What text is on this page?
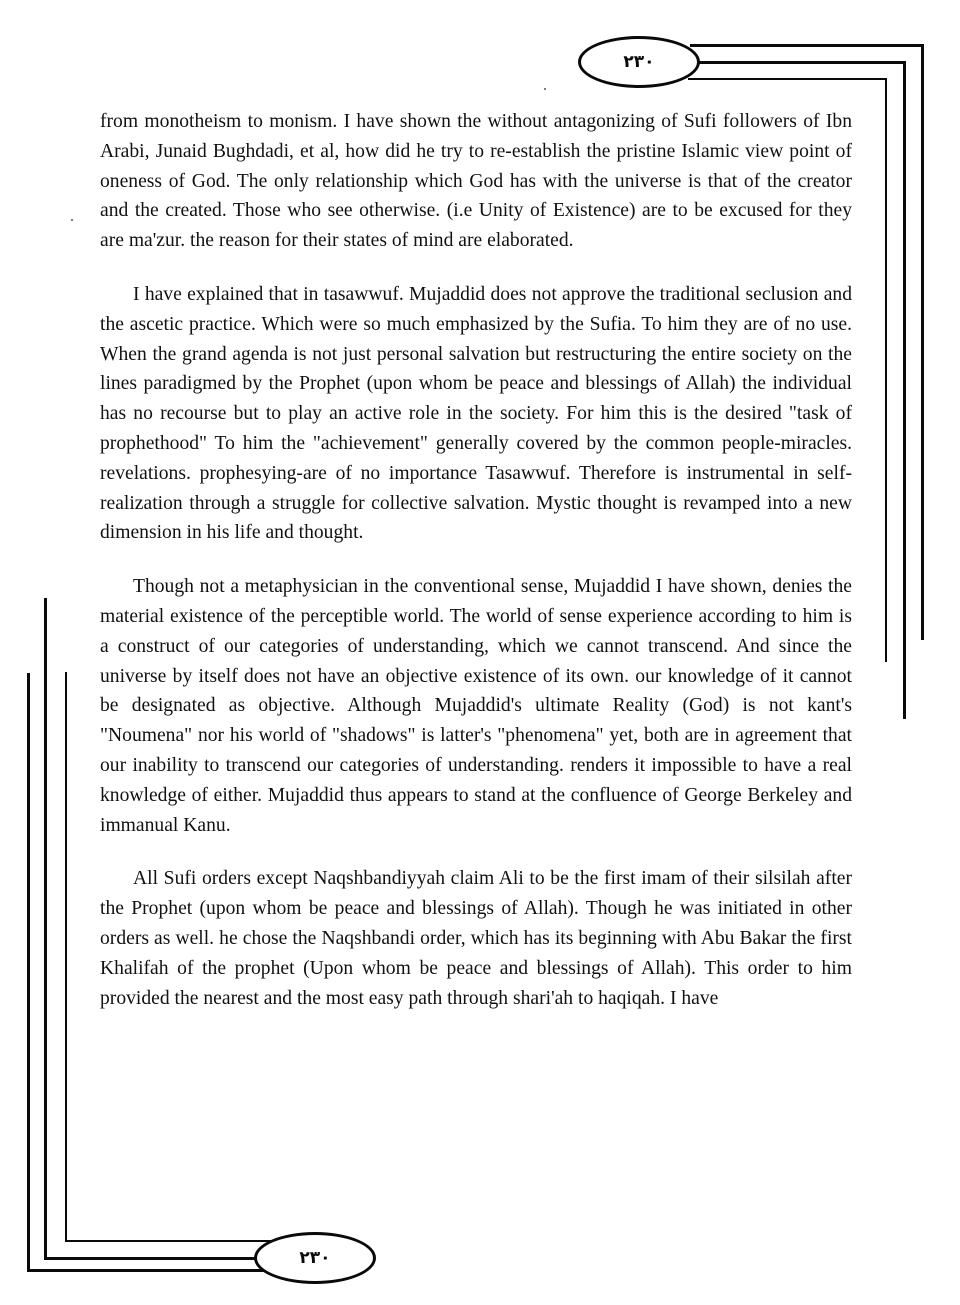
۲۳۰
۲۳۰

from monotheism to monism. I have shown the without antagonizing of Sufi followers of Ibn Arabi, Junaid Bughdadi, et al, how did he try to re-establish the pristine Islamic view point of oneness of God. The only relationship which God has with the universe is that of the creator and the created. Those who see otherwise. (i.e Unity of Existence) are to be excused for they are ma'zur. the reason for their states of mind are elaborated.

I have explained that in tasawwuf. Mujaddid does not approve the traditional seclusion and the ascetic practice. Which were so much emphasized by the Sufia. To him they are of no use. When the grand agenda is not just personal salvation but restructuring the entire society on the lines paradigmed by the Prophet (upon whom be peace and blessings of Allah) the individual has no recourse but to play an active role in the society. For him this is the desired "task of prophethood" To him the "achievement" generally covered by the common people-miracles. revelations. prophesying-are of no importance Tasawwuf. Therefore is instrumental in self-realization through a struggle for collective salvation. Mystic thought is revamped into a new dimension in his life and thought.

Though not a metaphysician in the conventional sense, Mujaddid I have shown, denies the material existence of the perceptible world. The world of sense experience according to him is a construct of our categories of understanding, which we cannot transcend. And since the universe by itself does not have an objective existence of its own. our knowledge of it cannot be designated as objective. Although Mujaddid's ultimate Reality (God) is not kant's "Noumena" nor his world of "shadows" is latter's "phenomena" yet, both are in agreement that our inability to transcend our categories of understanding. renders it impossible to have a real knowledge of either. Mujaddid thus appears to stand at the confluence of George Berkeley and immanual Kanu.

All Sufi orders except Naqshbandiyyah claim Ali to be the first imam of their silsilah after the Prophet (upon whom be peace and blessings of Allah). Though he was initiated in other orders as well. he chose the Naqshbandi order, which has its beginning with Abu Bakar the first Khalifah of the prophet (Upon whom be peace and blessings of Allah). This order to him provided the nearest and the most easy path through shari'ah to haqiqah. I have
